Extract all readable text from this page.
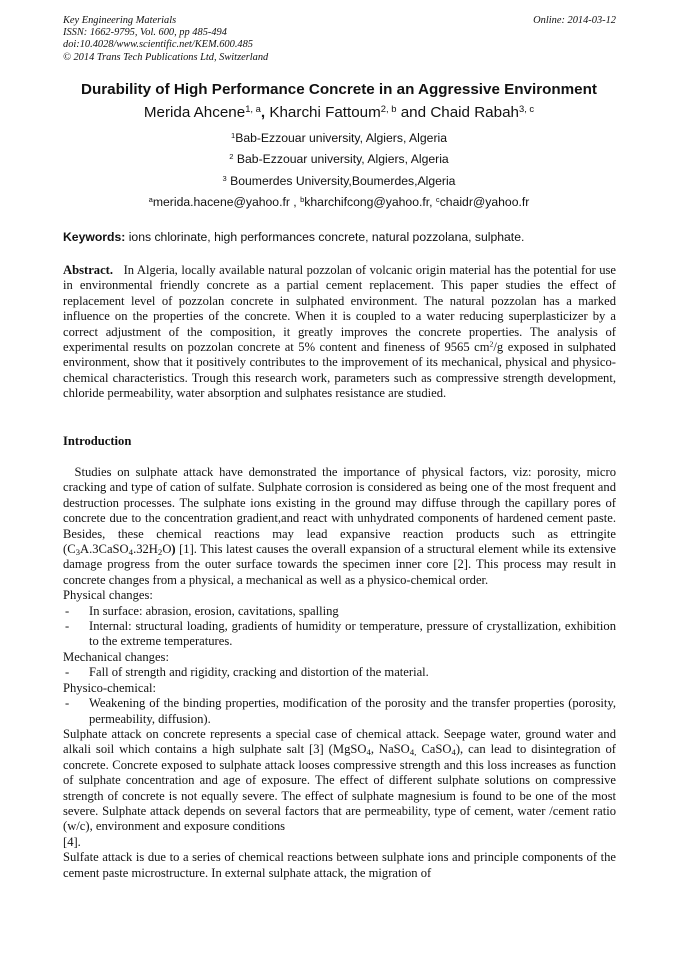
Key Engineering Materials
ISSN: 1662-9795, Vol. 600, pp 485-494
doi:10.4028/www.scientific.net/KEM.600.485
© 2014 Trans Tech Publications Ltd, Switzerland
Online: 2014-03-12
Durability of High Performance Concrete in an Aggressive Environment
Merida Ahcene$^{1, a}$, Kharchi Fattoum$^{2, b}$ and Chaid Rabah$^{3, c}$
$^1$Bab-Ezzouar university, Algiers, Algeria
$^2$ Bab-Ezzouar university, Algiers, Algeria
$^3$ Boumerdes University,Boumerdes,Algeria
$^a$merida.hacene@yahoo.fr , $^b$kharchifcong@yahoo.fr, $^c$chaidr@yahoo.fr
Keywords: ions chlorinate, high performances concrete, natural pozzolana, sulphate.

Abstract. In Algeria, locally available natural pozzolan of volcanic origin material has the potential for use in environmental friendly concrete as a partial cement replacement. This paper studies the effect of replacement level of pozzolan concrete in sulphated environment. The natural pozzolan has a marked influence on the properties of the concrete. When it is coupled to a water reducing superplasticizer by a correct adjustment of the composition, it greatly improves the concrete properties. The analysis of experimental results on pozzolan concrete at 5% content and fineness of 9565 $cm^2/g$ exposed in sulphated environment, show that it positively contributes to the improvement of its mechanical, physical and physico-chemical characteristics. Trough this research work, parameters such as compressive strength development, chloride permeability, water absorption and sulphates resistance are studied.

Introduction

Studies on sulphate attack have demonstrated the importance of physical factors, viz: porosity, micro cracking and type of cation of sulfate. Sulphate corrosion is considered as being one of the most frequent and destruction processes. The sulphate ions existing in the ground may diffuse through the capillary pores of concrete due to the concentration gradient,and react with unhydrated components of hardened cement paste. Besides, these chemical reactions may lead expansive reaction products such as ettringite $(C_3A.3CaSO_4.32H_2O)$ [1]. This latest causes the overall expansion of a structural element while its extensive damage progress from the outer surface towards the specimen inner core [2]. This process may result in concrete changes from a physical, a mechanical as well as a physico-chemical order.

Physical changes:
-	In surface: abrasion, erosion, cavitations, spalling
-	Internal: structural loading, gradients of humidity or temperature, pressure of crystallization, exhibition to the extreme temperatures.
Mechanical changes:
-	Fall of strength and rigidity, cracking and distortion of the material.
Physico-chemical:
-	Weakening of the binding properties, modification of the porosity and the transfer properties (porosity, permeability, diffusion).

Sulphate attack on concrete represents a special case of chemical attack. Seepage water, ground water and alkali soil which contains a high sulphate salt [3] (MgSO$_4$, NaSO$_{4,}$ CaSO$_4$), can lead to disintegration of concrete. Concrete exposed to sulphate attack looses compressive strength and this loss increases as function of sulphate concentration and age of exposure. The effect of different sulphate solutions on compressive strength of concrete is not equally severe. The effect of sulphate magnesium is found to be one of the most severe. Sulphate attack depends on several factors that are permeability, type of cement, water /cement ratio (w/c), environment and exposure conditions
[4].

Sulfate attack is due to a series of chemical reactions between sulphate ions and principle components of the cement paste microstructure. In external sulphate attack, the migration of
